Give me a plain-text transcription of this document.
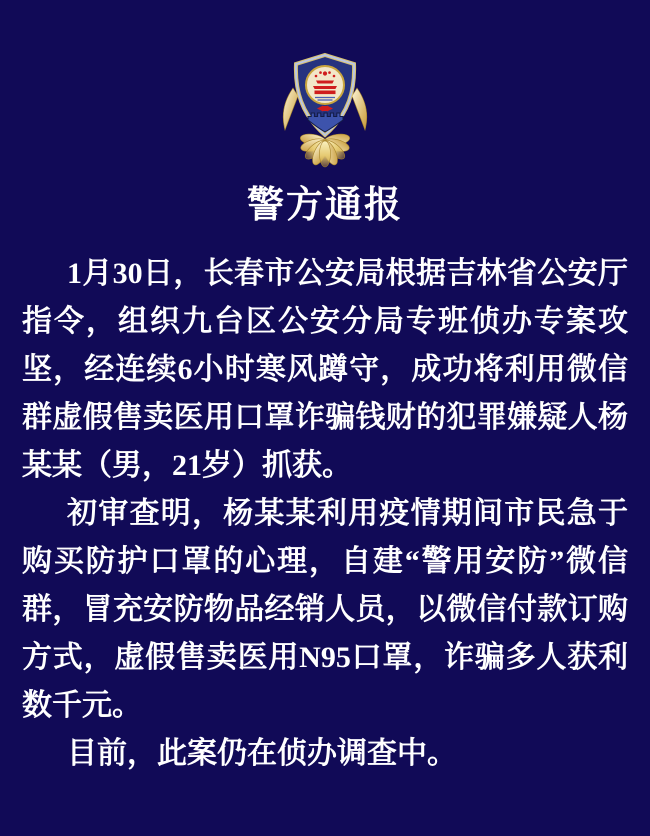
警方通报

1月30日，长春市公安局根据吉林省公安厅指令，组织九台区公安分局专班侦办专案攻坚，经连续6小时寒风蹲守，成功将利用微信群虚假售卖医用口罩诈骗钱财的犯罪嫌疑人杨某某（男，21岁）抓获。

初审查明，杨某某利用疫情期间市民急于购买防护口罩的心理，自建“警用安防”微信群，冒充安防物品经销人员，以微信付款订购方式，虚假售卖医用N95口罩，诈骗多人获利数千元。

目前，此案仍在侦办调查中。
